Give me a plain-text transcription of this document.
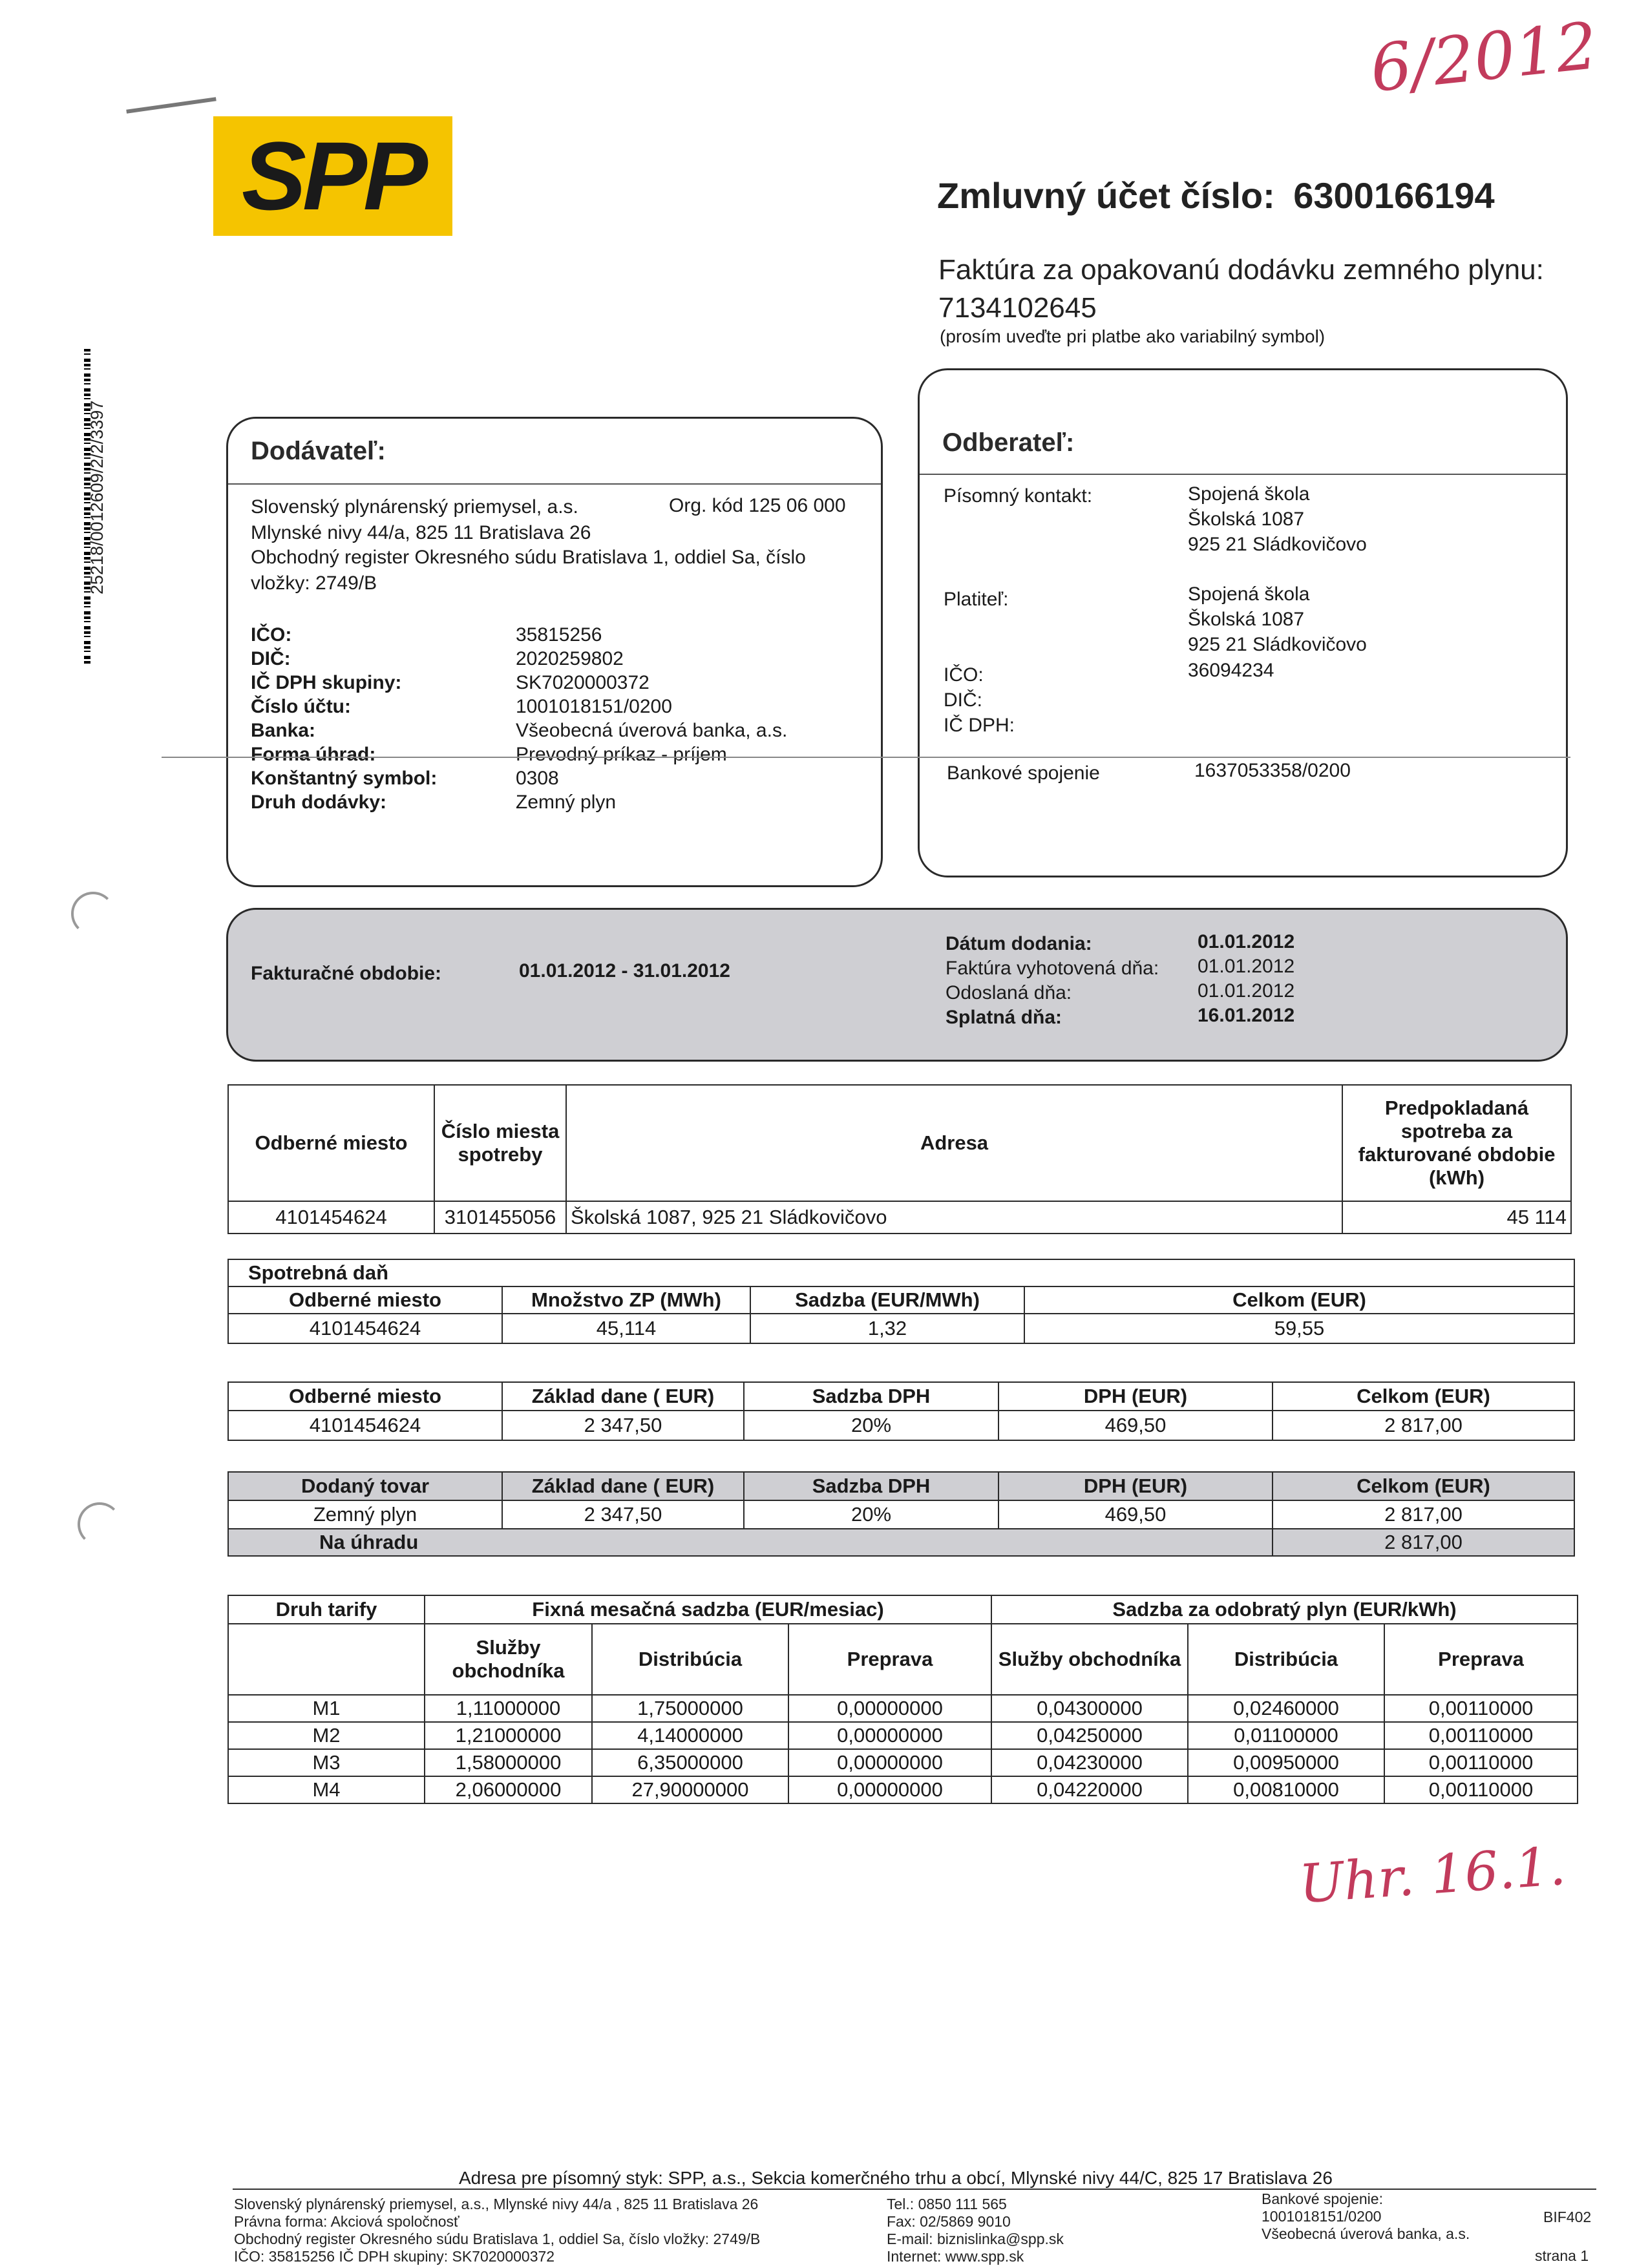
SPP
6/2012
25218/0012609/2/2/3397
Zmluvný účet číslo: 6300166194
Faktúra za opakovanú dodávku zemného plynu:
7134102645
(prosím uveďte pri platbe ako variabilný symbol)
Dodávateľ:
Slovenský plynárenský priemysel, a.s.	Org. kód 125 06 000
Mlynské nivy 44/a, 825 11 Bratislava 26
Obchodný register Okresného súdu Bratislava 1, oddiel Sa, číslo
vložky: 2749/B
IČO:	35815256
DIČ:	2020259802
IČ DPH skupiny:	SK7020000372
Číslo účtu:	1001018151/0200
Banka:	Všeobecná úverová banka, a.s.
Forma úhrad:	Prevodný príkaz - príjem
Konštantný symbol:	0308
Druh dodávky:	Zemný plyn
Odberateľ:
Písomný kontakt:	Spojená škola
Školská 1087
925 21 Sládkovičovo
Platiteľ:	Spojená škola
Školská 1087
925 21 Sládkovičovo
IČO:	36094234
DIČ:
IČ DPH:
Bankové spojenie	1637053358/0200
Fakturačné obdobie:	01.01.2012 - 31.01.2012
Dátum dodania:	01.01.2012
Faktúra vyhotovená dňa: 01.01.2012
Odoslaná dňa:	01.01.2012
Splatná dňa:	16.01.2012
Odberné miesto	Číslo miesta spotreby	Adresa	Predpokladaná spotreba za fakturované obdobie (kWh)
4101454624	3101455056	Školská 1087, 925 21 Sládkovičovo	45 114
Spotrebná daň			
Odberné miesto	Množstvo ZP (MWh)	Sadzba (EUR/MWh)	Celkom (EUR)
4101454624	45,114	1,32	59,55
Odberné miesto	Základ dane ( EUR)	Sadzba DPH	DPH (EUR)	Celkom (EUR)
4101454624	2 347,50	20%	469,50	2 817,00
Dodaný tovar	Základ dane ( EUR)	Sadzba DPH	DPH (EUR)	Celkom (EUR)
Zemný plyn	2 347,50	20%	469,50	2 817,00
Na úhradu				2 817,00
Druh tarify	Fixná mesačná sadzba (EUR/mesiac)			Sadzba za odobratý plyn (EUR/kWh)		
	Služby obchodníka	Distribúcia	Preprava	Služby obchodníka	Distribúcia	Preprava
M1	1,11000000	1,75000000	0,00000000	0,04300000	0,02460000	0,00110000
M2	1,21000000	4,14000000	0,00000000	0,04250000	0,01100000	0,00110000
M3	1,58000000	6,35000000	0,00000000	0,04230000	0,00950000	0,00110000
M4	2,06000000	27,90000000	0,00000000	0,04220000	0,00810000	0,00110000
Uhr. 16.1.
Adresa pre písomný styk: SPP, a.s., Sekcia komerčného trhu a obcí, Mlynské nivy 44/C, 825 17 Bratislava 26
Slovenský plynárenský priemysel, a.s., Mlynské nivy 44/a , 825 11 Bratislava 26
Právna forma: Akciová spoločnosť
Obchodný register Okresného súdu Bratislava 1, oddiel Sa, číslo vložky: 2749/B
IČO: 35815256 IČ DPH skupiny: SK7020000372
Tel.: 0850 111 565
Fax: 02/5869 9010
E-mail: biznislinka@spp.sk
Internet: www.spp.sk
Bankové spojenie:
1001018151/0200
Všeobecná úverová banka, a.s.
BIF402
strana 1
